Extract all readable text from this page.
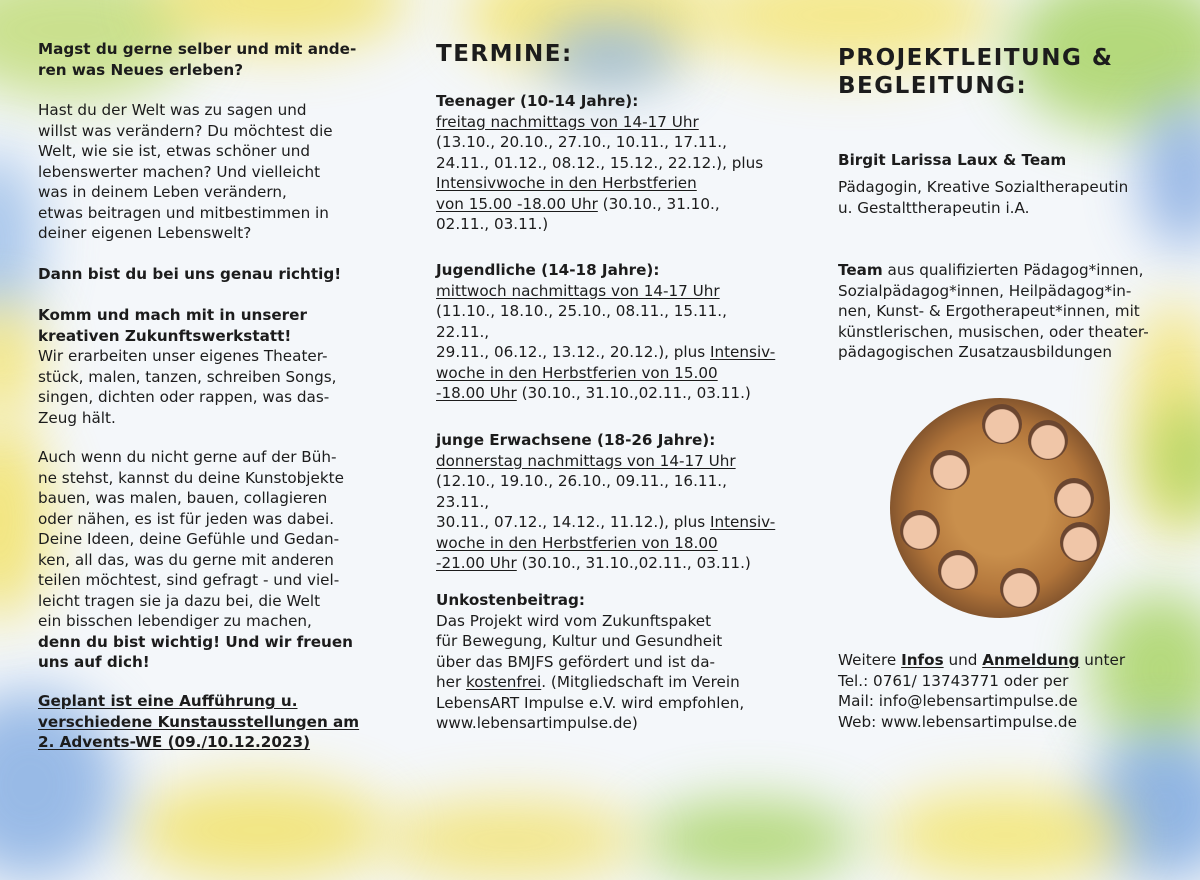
Magst du gerne selber und mit ande-

ren was Neues erleben?

Hast du der Welt was zu sagen und

willst was verändern? Du möchtest die

Welt, wie sie ist, etwas schöner und

lebenswerter machen? Und vielleicht

was in deinem Leben verändern,

etwas beitragen und mitbestimmen in

deiner eigenen Lebenswelt?

Dann bist du bei uns genau richtig!

Komm und mach mit in unserer

kreativen Zukunftswerkstatt!

Wir erarbeiten unser eigenes Theater-

stück, malen, tanzen, schreiben Songs,

singen, dichten oder rappen, was das-

Zeug hält.

Auch wenn du nicht gerne auf der Büh-

ne stehst, kannst du deine Kunstobjekte

bauen, was malen, bauen, collagieren

oder nähen, es ist für jeden was dabei.

Deine Ideen, deine Gefühle und Gedan-

ken, all das, was du gerne mit anderen

teilen möchtest, sind gefragt - und viel-

leicht tragen sie ja dazu bei, die Welt

ein bisschen lebendiger zu machen,

denn du bist wichtig! Und wir freuen

uns auf dich!

Geplant ist eine Aufführung u.

verschiedene Kunstausstellungen am

2. Advents-WE (09./10.12.2023)

TERMINE:

Teenager (10-14 Jahre):

freitag nachmittags von 14-17 Uhr

(13.10., 20.10., 27.10., 10.11., 17.11.,

24.11., 01.12., 08.12., 15.12., 22.12.), plus

Intensivwoche in den Herbstferien

von 15.00 -18.00 Uhr (30.10., 31.10.,

02.11., 03.11.)

Jugendliche (14-18 Jahre):

mittwoch nachmittags von 14-17 Uhr

(11.10., 18.10., 25.10., 08.11., 15.11., 22.11.,

29.11., 06.12., 13.12., 20.12.), plus Intensiv-

woche in den Herbstferien von 15.00

-18.00 Uhr (30.10., 31.10.,02.11., 03.11.)

junge Erwachsene (18-26 Jahre):

donnerstag nachmittags von 14-17 Uhr

(12.10., 19.10., 26.10., 09.11., 16.11., 23.11.,

30.11., 07.12., 14.12., 11.12.), plus Intensiv-

woche in den Herbstferien von 18.00

-21.00 Uhr (30.10., 31.10.,02.11., 03.11.)

Unkostenbeitrag:

Das Projekt wird vom Zukunftspaket

für Bewegung, Kultur und Gesundheit

über das BMJFS gefördert und ist da-

her kostenfrei. (Mitgliedschaft im Verein

LebensART Impulse e.V. wird empfohlen,

www.lebensartimpulse.de)

PROJEKTLEITUNG &
BEGLEITUNG:
Birgit Larissa Laux & Team

Pädagogin, Kreative Sozialtherapeutin

u. Gestalttherapeutin i.A.

Team aus qualifizierten Pädagog*innen,

Sozialpädagog*innen, Heilpädagog*in-

nen, Kunst- & Ergotherapeut*innen, mit

künstlerischen, musischen, oder theater-

pädagogischen Zusatzausbildungen

Weitere Infos und Anmeldung unter

Tel.: 0761/ 13743771 oder per

Mail: info@lebensartimpulse.de

Web: www.lebensartimpulse.de
